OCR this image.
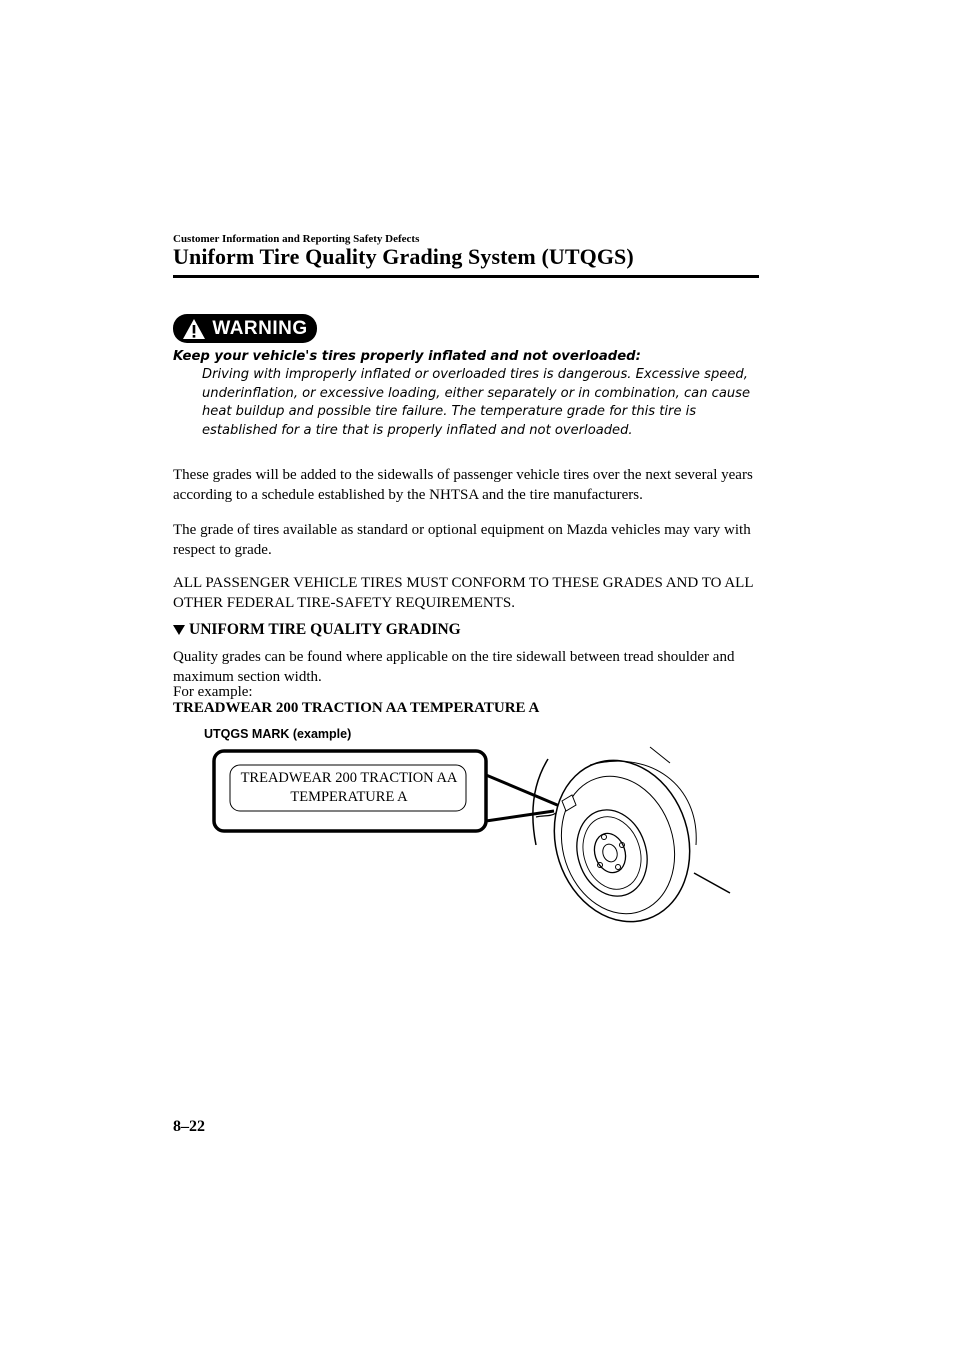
Customer Information and Reporting Safety Defects
Uniform Tire Quality Grading System (UTQGS)
WARNING
Keep your vehicle's tires properly inflated and not overloaded:
Driving with improperly inflated or overloaded tires is dangerous. Excessive speed, underinflation, or excessive loading, either separately or in combination, can cause heat buildup and possible tire failure. The temperature grade for this tire is established for a tire that is properly inflated and not overloaded.
These grades will be added to the sidewalls of passenger vehicle tires over the next several years according to a schedule established by the NHTSA and the tire manufacturers.
The grade of tires available as standard or optional equipment on Mazda vehicles may vary with respect to grade.
ALL PASSENGER VEHICLE TIRES MUST CONFORM TO THESE GRADES AND TO ALL OTHER FEDERAL TIRE-SAFETY REQUIREMENTS.
UNIFORM TIRE QUALITY GRADING
Quality grades can be found where applicable on the tire sidewall between tread shoulder and maximum section width.
For example:
TREADWEAR 200 TRACTION AA TEMPERATURE A
UTQGS MARK (example)
TREADWEAR 200 TRACTION AA
TEMPERATURE A
8–22
